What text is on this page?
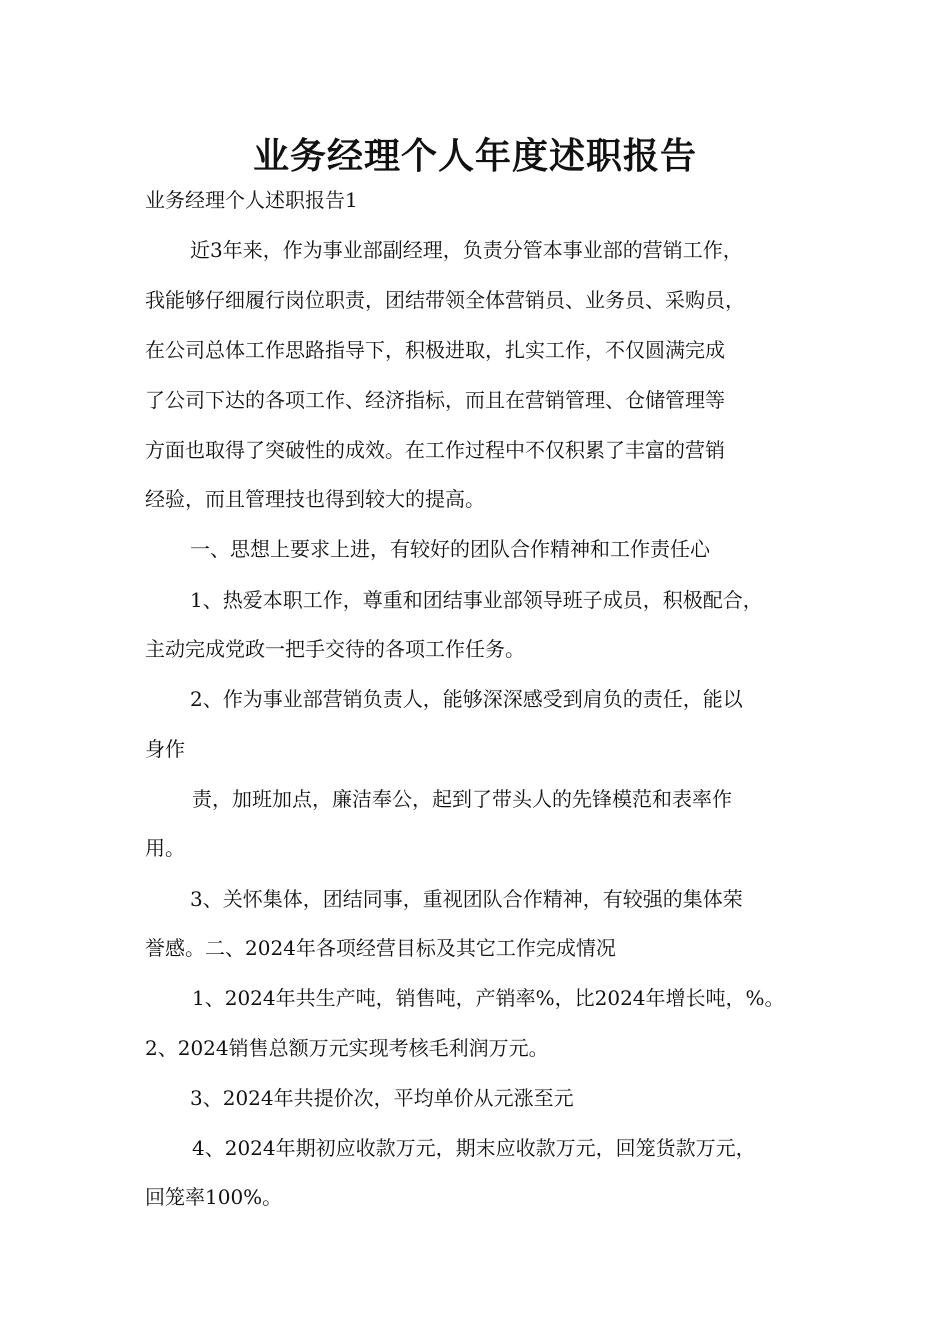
业务经理个人年度述职报告
业务经理个人述职报告1
近3年来，作为事业部副经理，负责分管本事业部的营销工作，
我能够仔细履行岗位职责，团结带领全体营销员、业务员、采购员，
在公司总体工作思路指导下，积极进取，扎实工作，不仅圆满完成
了公司下达的各项工作、经济指标，而且在营销管理、仓储管理等
方面也取得了突破性的成效。在工作过程中不仅积累了丰富的营销
经验，而且管理技也得到较大的提高。
一、思想上要求上进，有较好的团队合作精神和工作责任心
1、热爱本职工作，尊重和团结事业部领导班子成员，积极配合，
主动完成党政一把手交待的各项工作任务。
2、作为事业部营销负责人，能够深深感受到肩负的责任，能以
身作
责，加班加点，廉洁奉公，起到了带头人的先锋模范和表率作
用。
3、关怀集体，团结同事，重视团队合作精神，有较强的集体荣
誉感。二、2024年各项经营目标及其它工作完成情况
1、2024年共生产吨，销售吨，产销率%，比2024年增长吨，%。
2、2024销售总额万元实现考核毛利润万元。
3、2024年共提价次，平均单价从元涨至元
4、2024年期初应收款万元，期末应收款万元，回笼货款万元，
回笼率100%。
